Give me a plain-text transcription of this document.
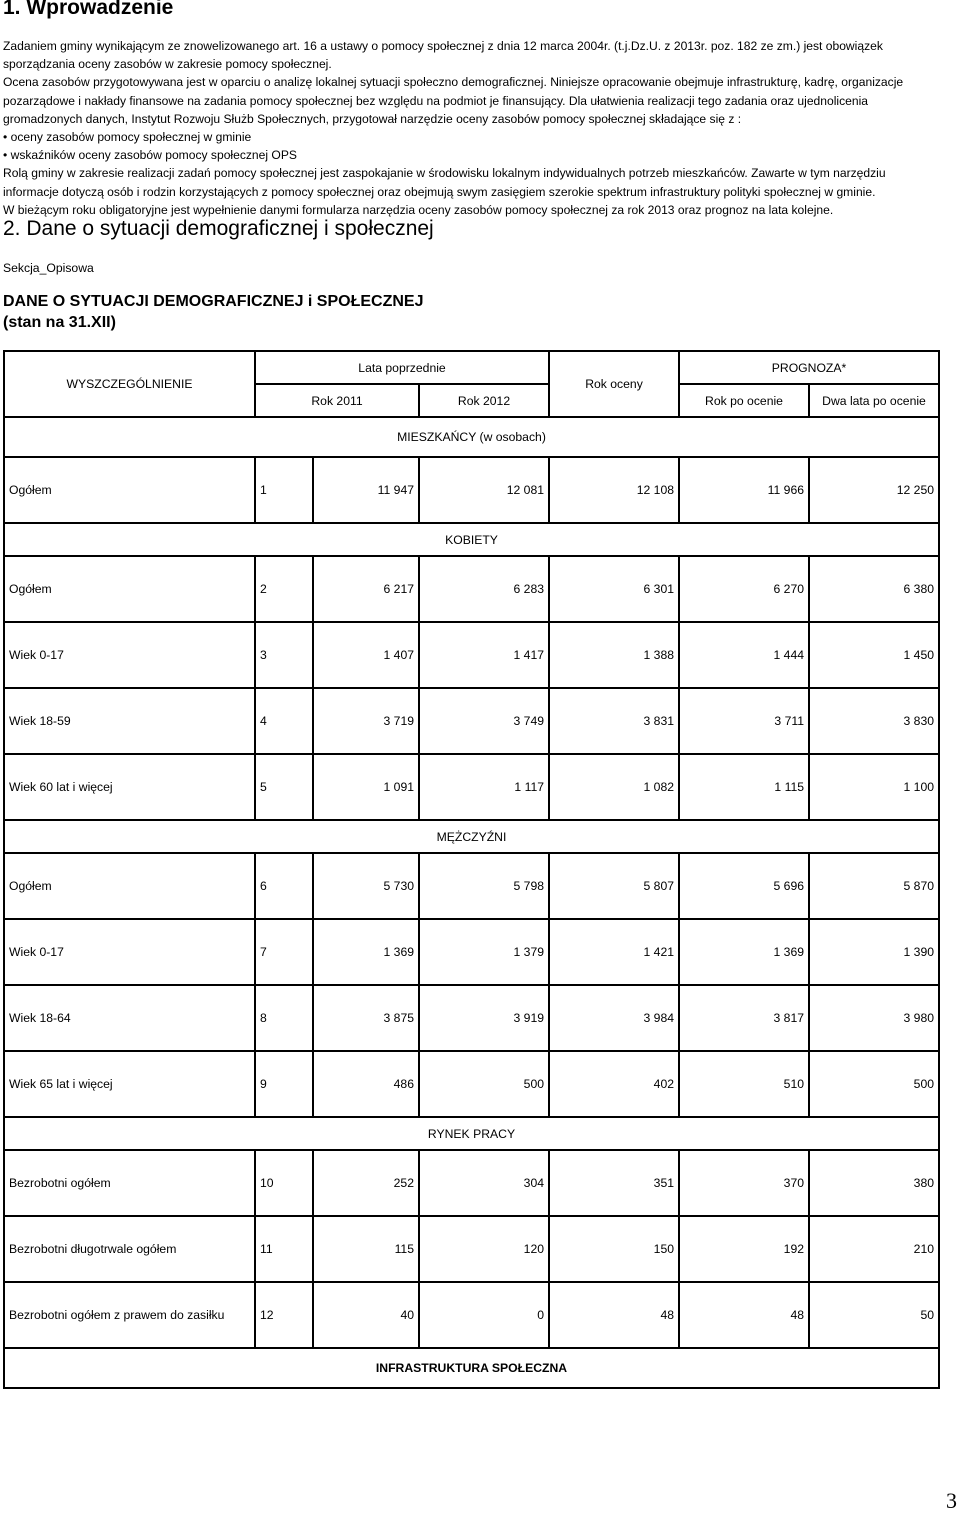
1. Wprowadzenie

Zadaniem gminy wynikającym ze znowelizowanego art. 16 a ustawy o pomocy społecznej z dnia 12 marca 2004r. (t.j.Dz.U. z 2013r. poz. 182 ze zm.) jest obowiązek sporządzania oceny zasobów w zakresie pomocy społecznej.

Ocena zasobów przygotowywana jest w oparciu o analizę lokalnej sytuacji społeczno demograficznej. Niniejsze opracowanie obejmuje infrastrukturę, kadrę, organizacje pozarządowe i nakłady finansowe na zadania pomocy społecznej bez względu na podmiot je finansujący. Dla ułatwienia realizacji tego zadania oraz ujednolicenia gromadzonych danych, Instytut Rozwoju Służb Społecznych, przygotował narzędzie oceny zasobów pomocy społecznej składające się z :

• oceny zasobów pomocy społecznej w gminie
• wskaźników oceny zasobów pomocy społecznej OPS

Rolą gminy w zakresie realizacji zadań pomocy społecznej jest zaspokajanie w środowisku lokalnym indywidualnych potrzeb mieszkańców. Zawarte w tym narzędziu informacje dotyczą osób i rodzin korzystających z pomocy społecznej oraz obejmują swym zasięgiem szerokie spektrum infrastruktury polityki społecznej w gminie.

W bieżącym roku obligatoryjne jest wypełnienie danymi formularza narzędzia oceny zasobów pomocy społecznej za rok 2013 oraz prognoz na lata kolejne.

2. Dane o sytuacji demograficznej i społecznej
Sekcja_Opisowa
DANE O SYTUACJI DEMOGRAFICZNEJ i SPOŁECZNEJ
(stan na 31.XII)
WYSZCZEGÓLNIENIE	Lata poprzednie			Rok oceny	PROGNOZA*	
	Rok 2011		Rok 2012		Rok po ocenie	Dwa lata po ocenie
MIESZKAŃCY (w osobach)						
Ogółem	1	11 947	12 081	12 108	11 966	12 250
KOBIETY						
Ogółem	2	6 217	6 283	6 301	6 270	6 380
Wiek 0-17	3	1 407	1 417	1 388	1 444	1 450
Wiek 18-59	4	3 719	3 749	3 831	3 711	3 830
Wiek 60 lat i więcej	5	1 091	1 117	1 082	1 115	1 100
MĘŻCZYŹNI						
Ogółem	6	5 730	5 798	5 807	5 696	5 870
Wiek 0-17	7	1 369	1 379	1 421	1 369	1 390
Wiek 18-64	8	3 875	3 919	3 984	3 817	3 980
Wiek 65 lat i więcej	9	486	500	402	510	500
RYNEK PRACY						
Bezrobotni ogółem	10	252	304	351	370	380
Bezrobotni długotrwale ogółem	11	115	120	150	192	210
Bezrobotni ogółem z prawem do zasiłku	12	40	0	48	48	50
INFRASTRUKTURA SPOŁECZNA						
3
